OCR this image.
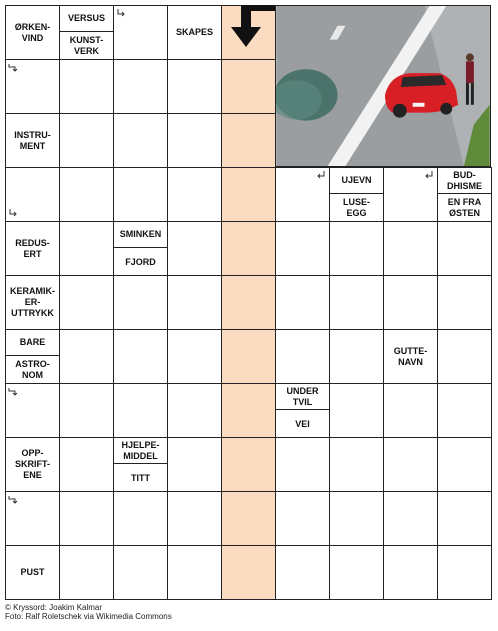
ØRKEN-
VIND
VERSUS
KUNST-
VERK
SKAPES
INSTRU-
MENT
UJEVN
LUSE-
EGG
BUD-
DHISME
EN FRA
ØSTEN
REDUS-
ERT
SMINKEN
FJORD
KERAMIK-
ER-
UTTRYKK
BARE
ASTRO-
NOM
GUTTE-
NAVN
UNDER
TVIL
VEI
OPP-
SKRIFT-
ENE
HJELPE-
MIDDEL
TITT
PUST
© Kryssord: Joakim Kalmar
Foto: Ralf Roletschek via Wikimedia Commons
